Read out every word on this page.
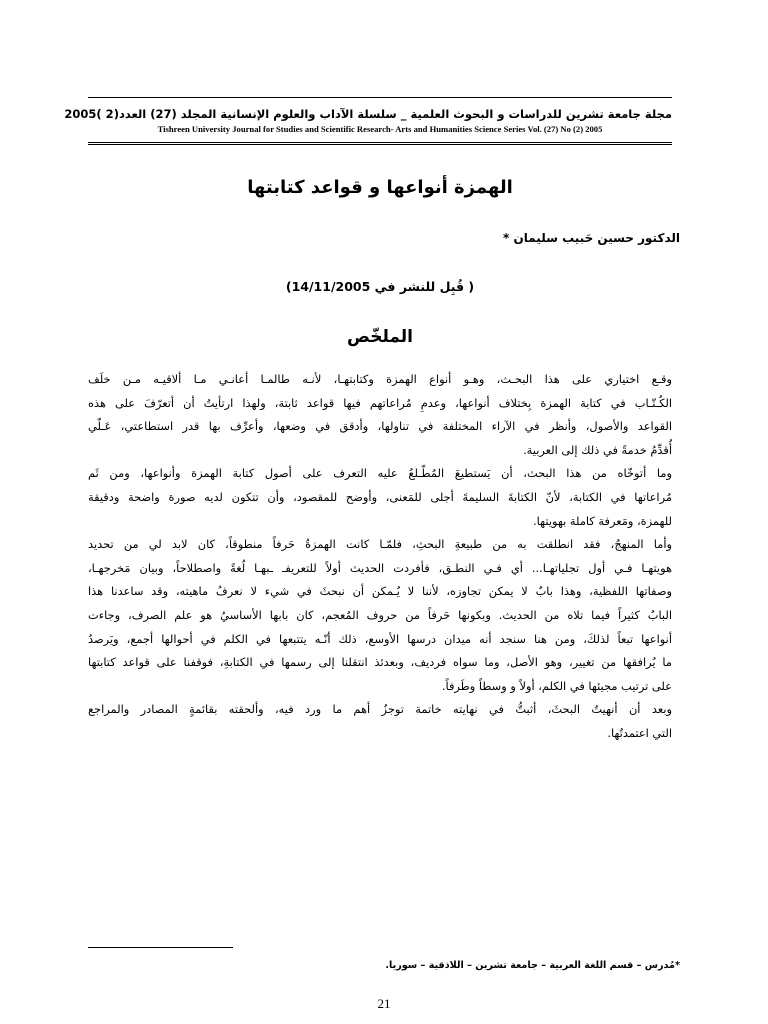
مجلة جامعة تشرين للدراسات و البحوث العلمية _ سلسلة الآداب والعلوم الإنسانية المجلد (27) العدد(2 )2005
Tishreen University Journal for Studies and Scientific Research- Arts and Humanities Science Series Vol. (27) No (2) 2005
الهمزة أنواعها و قواعد كتابتها
الدكتور حسين حَبيب سليمان *
( قُبِل للنشر في 14/11/2005)
الملخّص

وقـع اختياري على هذا البحـث، وهـو أنواع الهمزة وكتابتهـا، لأنـه طالمـا أعانـي مـا ألاقيـه مـن خلَف

الكُـتّـاب في كتابة الهمزة بِختلاف أنواعها، وعدمِ مُراعاتهم فيها قواعد ثابتة، ولهذا ارتأيتُ أن أتعرّفَ على هذه

القواعد والأصول، وأنظر في الآراء المختلفة في تناولها، وأدقق في وضعها، وأعرِّف بها قدر استطاعتي، عَـلّي

أُقدِّمُ خدمةً في ذلك إلى العربية.

وما أتوخّاه من هذا البحث، أن يَستطيعَ المُطّـلعُ عليه التعرف على أصول كتابة الهمزة وأنواعها، ومن ثَم

مُراعاتها في الكتابة، لأنّ الكتابةَ السليمةَ أجلى للمَعنى، وأوضح للمقصود، وأن تتكون لديه صورة واضحة ودقيقة

للهمزة، ومَعرفة كاملة بهويتها.

وأما المنهجُ، فقد انطلقت به من طبيعةِ البحثِ، فلمّـا كانت الهمزةُ حَرفاً منطوقاً، كان لابد لي من تحديد

هويتهـا فـي أول تجلياتهـا... أي فـي النطـق، فأفردت الحديث أولاً للتعريفـ ـبهـا لُغةً واصطلاحاً، وبيان مَخرجهـا،

وصفاتها اللفظية، وهذا بابٌ لا يمكن تجاوزه، لأننا لا يُـمكن أن نبحثَ في شيء لا نعرفُ ماهيته، وقد ساعدنا هذا

البابُ كثيراً فيما تلاه من الحديث. وبكونها حَرفاً من حروف المُعجم، كان بابها الأساسيُ هو علم الصرف، وجاءت

أنواعها تبعاً لذلكَ، ومن هنا سنجد أنه ميدان درسها الأوسع، ذلك أنّـه يتتبعها في الكلم في أحوالها أجمع، ويَرصدُ

ما يُرافقها من تغيير، وهو الأصل، وما سواه فرديف، وبعدئذ انتقلنا إلى رسمها في الكتابةِ، فوقفنا على قواعد كتابتها

على ترتيب مجيئها في الكلم، أولاً و وسطاً وطَرفاً.

وبعد أن أنهيتُ البحثَ، أثبتُّ في نهايته خاتمة توجزُ أهم ما ورد فيه، وألحقته بقائمةٍ المصادر والمراجع

التي اعتمدتُها.

*مُدرس – قسم اللغة العربية – جامعة تشرين – اللاذقية – سوريا.
21
